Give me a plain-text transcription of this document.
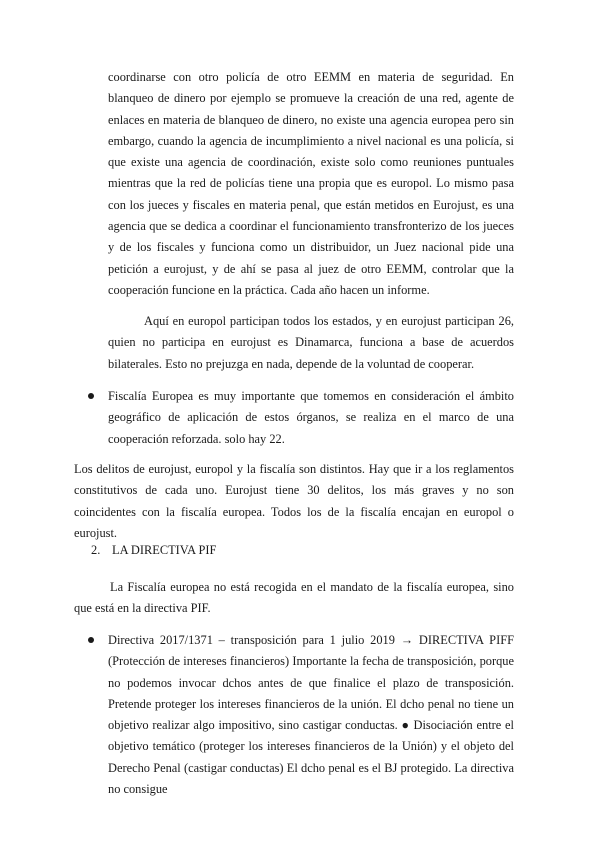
coordinarse con otro policía de otro EEMM en materia de seguridad. En blanqueo de dinero por ejemplo se promueve la creación de una red, agente de enlaces en materia de blanqueo de dinero, no existe una agencia europea pero sin embargo, cuando la agencia de incumplimiento a nivel nacional es una policía, si que existe una agencia de coordinación, existe solo como reuniones puntuales mientras que la red de policías tiene una propia que es europol. Lo mismo pasa con los jueces y fiscales en materia penal, que están metidos en Eurojust, es una agencia que se dedica a coordinar el funcionamiento transfronterizo de los jueces y de los fiscales y funciona como un distribuidor, un Juez nacional pide una petición a eurojust, y de ahí se pasa al juez de otro EEMM, controlar que la cooperación funcione en la práctica. Cada año hacen un informe.

Aquí en europol participan todos los estados, y en eurojust participan 26, quien no participa en eurojust es Dinamarca, funciona a base de acuerdos bilaterales. Esto no prejuzga en nada, depende de la voluntad de cooperar.

Fiscalía Europea es muy importante que tomemos en consideración el ámbito geográfico de aplicación de estos órganos, se realiza en el marco de una cooperación reforzada. solo hay 22.

Los delitos de eurojust, europol y la fiscalía son distintos. Hay que ir a los reglamentos constitutivos de cada uno. Eurojust tiene 30 delitos, los más graves y no son coincidentes con la fiscalía europea. Todos los de la fiscalía encajan en europol o eurojust.

2. LA DIRECTIVA PIF

La Fiscalía europea no está recogida en el mandato de la fiscalía europea, sino que está en la directiva PIF.

Directiva 2017/1371 – transposición para 1 julio 2019 → DIRECTIVA PIFF (Protección de intereses financieros) Importante la fecha de transposición, porque no podemos invocar dchos antes de que finalice el plazo de transposición. Pretende proteger los intereses financieros de la unión. El dcho penal no tiene un objetivo realizar algo impositivo, sino castigar conductas. ● Disociación entre el objetivo temático (proteger los intereses financieros de la Unión) y el objeto del Derecho Penal (castigar conductas) El dcho penal es el BJ protegido. La directiva no consigue
